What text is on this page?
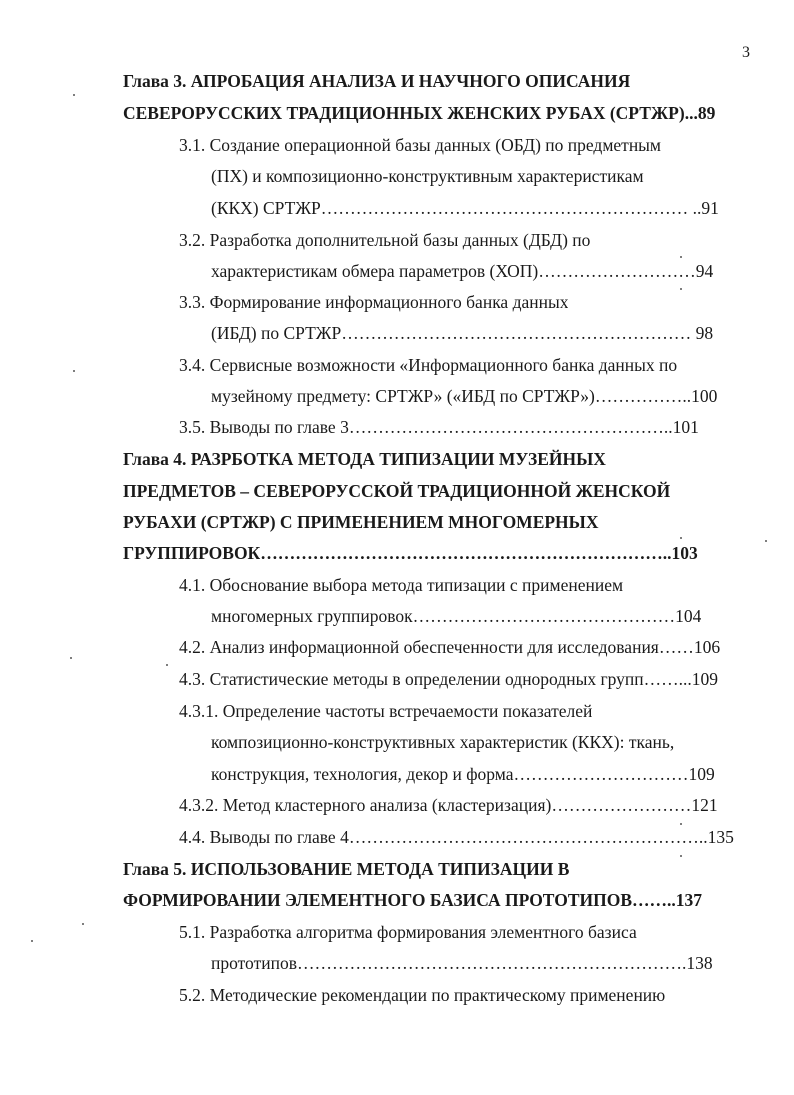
3
Глава 3. АПРОБАЦИЯ АНАЛИЗА И НАУЧНОГО ОПИСАНИЯ
СЕВЕРОРУССКИХ ТРАДИЦИОННЫХ ЖЕНСКИХ РУБАХ (СРТЖР)...89
3.1. Создание операционной базы данных (ОБД) по предметным
(ПХ) и композиционно-конструктивным характеристикам
(ККХ) СРТЖР……………………………………………………… ..91
3.2. Разработка дополнительной базы данных (ДБД) по
характеристикам обмера параметров (ХОП)………………………94
3.3. Формирование информационного банка данных
(ИБД) по СРТЖР…………………………………………………… 98
3.4. Сервисные возможности «Информационного банка данных по
музейному предмету: СРТЖР» («ИБД по СРТЖР»)……………..100
3.5. Выводы по главе 3………………………………………………..101
Глава 4. РАЗРБОТКА МЕТОДА ТИПИЗАЦИИ МУЗЕЙНЫХ
ПРЕДМЕТОВ – СЕВЕРОРУССКОЙ ТРАДИЦИОННОЙ ЖЕНСКОЙ
РУБАХИ (СРТЖР) С ПРИМЕНЕНИЕМ МНОГОМЕРНЫХ
ГРУППИРОВОК……………………………………………………………..103
4.1. Обоснование выбора метода типизации с применением
многомерных группировок………………………………………104
4.2. Анализ информационной обеспеченности для исследования……106
4.3. Статистические методы в определении однородных групп……...109
4.3.1. Определение частоты встречаемости показателей
композиционно-конструктивных характеристик (ККХ): ткань,
конструкция, технология, декор и форма…………………………109
4.3.2. Метод кластерного анализа (кластеризация)……………………121
4.4. Выводы по главе 4……………………………………………………..135
Глава 5. ИСПОЛЬЗОВАНИЕ МЕТОДА ТИПИЗАЦИИ В
ФОРМИРОВАНИИ ЭЛЕМЕНТНОГО БАЗИСА ПРОТОТИПОВ……..137
5.1. Разработка алгоритма формирования элементного базиса
прототипов………………………………………………………….138
5.2. Методические рекомендации по практическому применению
